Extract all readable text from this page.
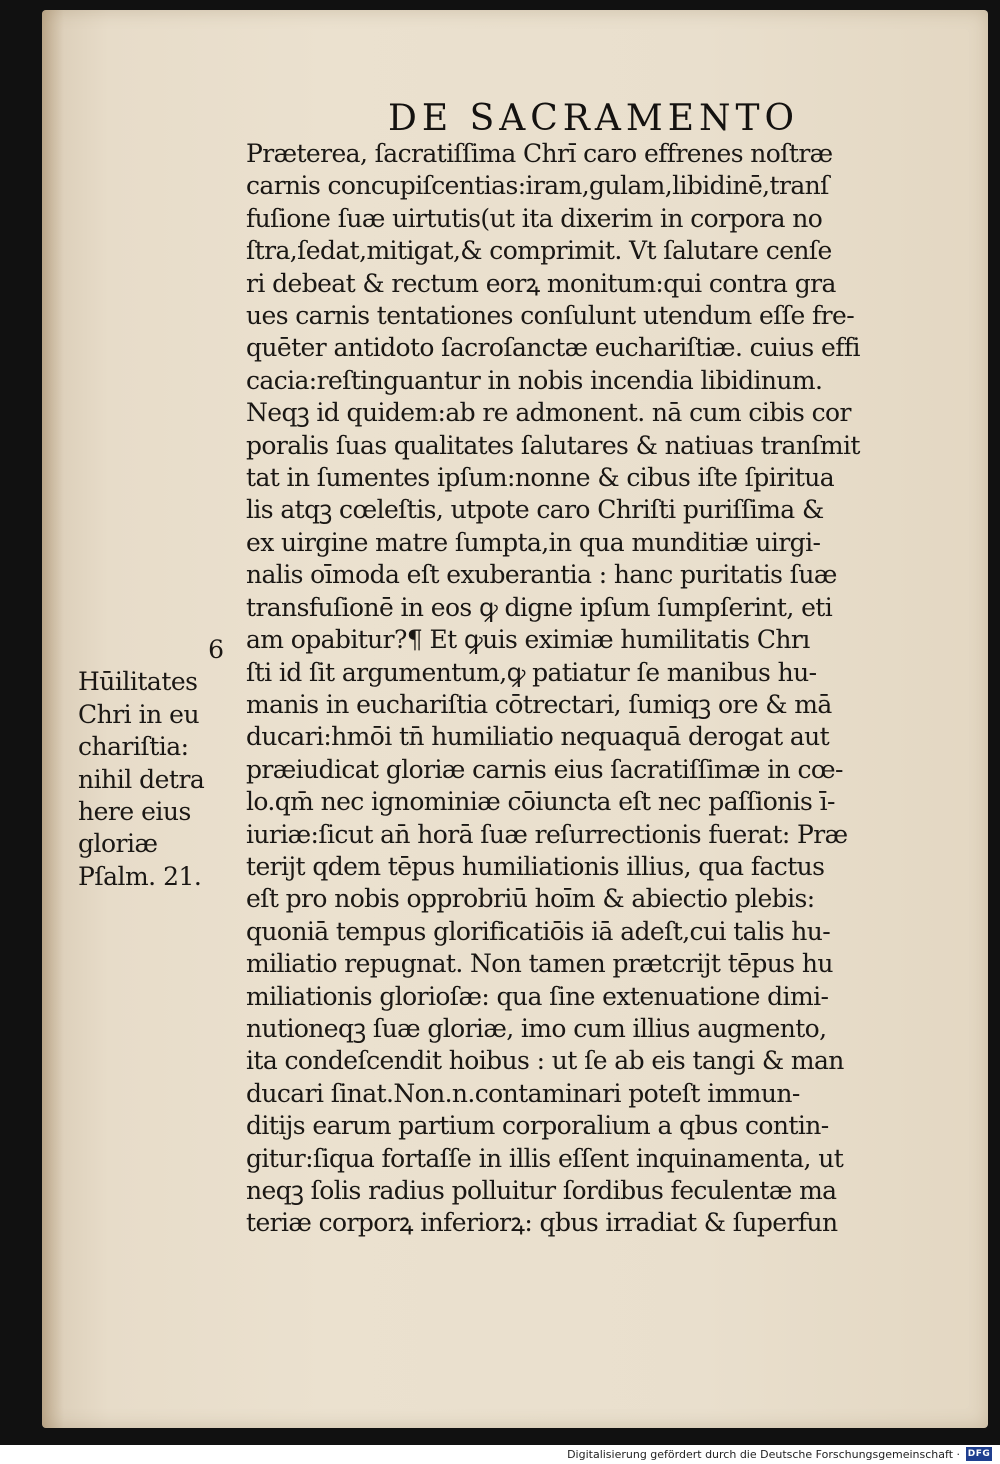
DE SACRAMENTO
Præterea, ſacratiſſima Chrı̄ caro effrenes noſtræ
carnis concupiſcentias:iram,gulam,libidinē,tranſ
fuſione ſuæ uirtutis(ut ita dixerim in corpora no
ſtra,ſedat,mitigat,& comprimit. Vt ſalutare cenſe
ri debeat & rectum eorꝝ monitum:qui contra gra
ues carnis tentationes conſulunt utendum eſſe fre-
quēter antidoto ſacroſanctæ euchariſtiæ. cuius effi
cacia:reſtinguantur in nobis incendia libidinum.
Neqꝫ id quidem:ab re admonent. nā cum cibis cor
poralis ſuas qualitates ſalutares & natiuas tranſmit
tat in ſumentes ipſum:nonne & cibus iſte ſpiritua
lis atqꝫ cœleſtis, utpote caro Chriſti puriſſima &
ex uirgine matre ſumpta,in qua munditiæ uirgi-
nalis oīmoda eſt exuberantia : hanc puritatis ſuæ
transfuſionē in eos ꝙ digne ipſum ſumpſerint, eti
am opabitur?¶ Et ꝙuis eximiæ humilitatis Chrı
ſti id ſit argumentum,ꝙ patiatur ſe manibus hu-
manis in euchariſtia cōtrectari, ſumiqꝫ ore & mā
ducari:hmōi tn̄ humiliatio nequaquā derogat aut
præiudicat gloriæ carnis eius ſacratiſſimæ in cœ-
lo.qm̄ nec ignominiæ cōiuncta eſt nec paſſionis ī-
iuriæ:ſicut an̄ horā ſuæ reſurrectionis fuerat: Præ
terijt qdem tēpus humiliationis illius, qua factus
eſt pro nobis opprobriū hoīm & abiectio plebis:
quoniā tempus glorificatiōis iā adeſt,cui talis hu-
miliatio repugnat. Non tamen prætcrijt tēpus hu
miliationis glorioſæ: qua ſine extenuatione dimi-
nutioneqꝫ ſuæ gloriæ, imo cum illius augmento,
ita condeſcendit hoibus : ut ſe ab eis tangi & man
ducari ſinat.Non.n.contaminari poteſt immun-
ditijs earum partium corporalium a qbus contin-
gitur:ſiqua fortaſſe in illis eſſent inquinamenta, ut
neqꝫ ſolis radius polluitur ſordibus feculentæ ma
teriæ corporꝝ inferiorꝝ: qbus irradiat & ſuperfun
6
Hūilitates
Chri in eu
chariſtia:
nihil detra
here eius
gloriæ
Pſalm. 21.
Digitalisierung gefördert durch die Deutsche Forschungsgemeinschaft · DFG
